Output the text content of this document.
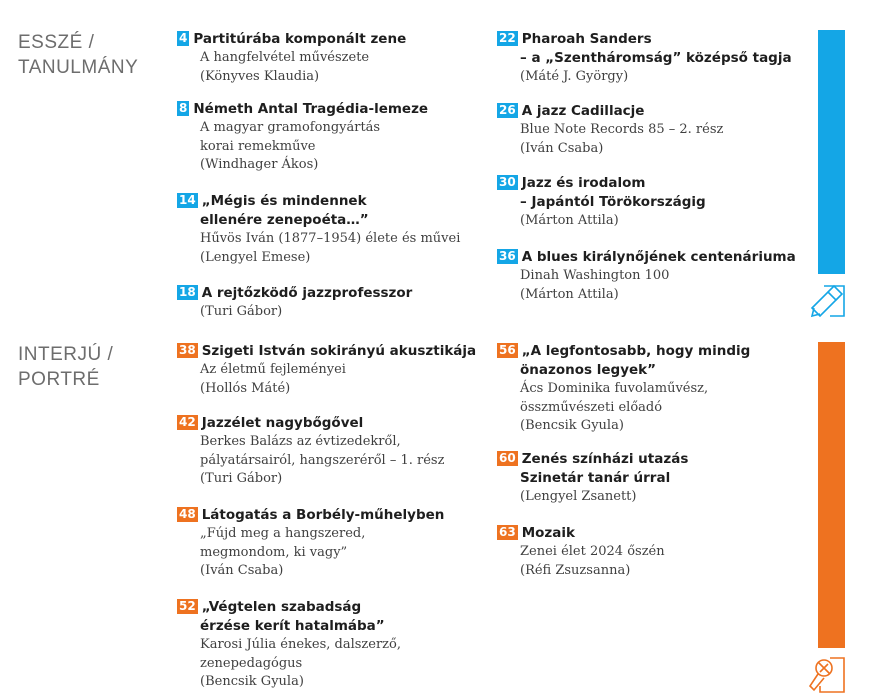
ESSZÉ /
TANULMÁNY
INTERJÚ /
PORTRÉ
4 Partitúrába komponált zene
A hangfelvétel művészete
(Könyves Klaudia)
8 Németh Antal Tragédia-lemeze
A magyar gramofongyártás
korai remekműve
(Windhager Ákos)
14 „Mégis és mindennek
ellenére zenepoéta…”
Hűvös Iván (1877–1954) élete és művei
(Lengyel Emese)
18 A rejtőzködő jazzprofesszor
(Turi Gábor)
22 Pharoah Sanders
– a „Szentháromság” középső tagja
(Máté J. György)
26 A jazz Cadillacje
Blue Note Records 85 – 2. rész
(Iván Csaba)
30 Jazz és irodalom
– Japántól Törökországig
(Márton Attila)
36 A blues királynőjének centenáriuma
Dinah Washington 100
(Márton Attila)
38 Szigeti István sokirányú akusztikája
Az életmű fejleményei
(Hollós Máté)
42 Jazzélet nagybőgővel
Berkes Balázs az évtizedekről,
pályatársairól, hangszeréről – 1. rész
(Turi Gábor)
48 Látogatás a Borbély-műhelyben
„Fújd meg a hangszered,
megmondom, ki vagy”
(Iván Csaba)
52 „Végtelen szabadság
érzése kerít hatalmába”
Karosi Júlia énekes, dalszerző,
zenepedagógus
(Bencsik Gyula)
56 „A legfontosabb, hogy mindig
önazonos legyek”
Ács Dominika fuvolaművész,
összművészeti előadó
(Bencsik Gyula)
60 Zenés színházi utazás
Szinetár tanár úrral
(Lengyel Zsanett)
63 Mozaik
Zenei élet 2024 őszén
(Réfi Zsuzsanna)
